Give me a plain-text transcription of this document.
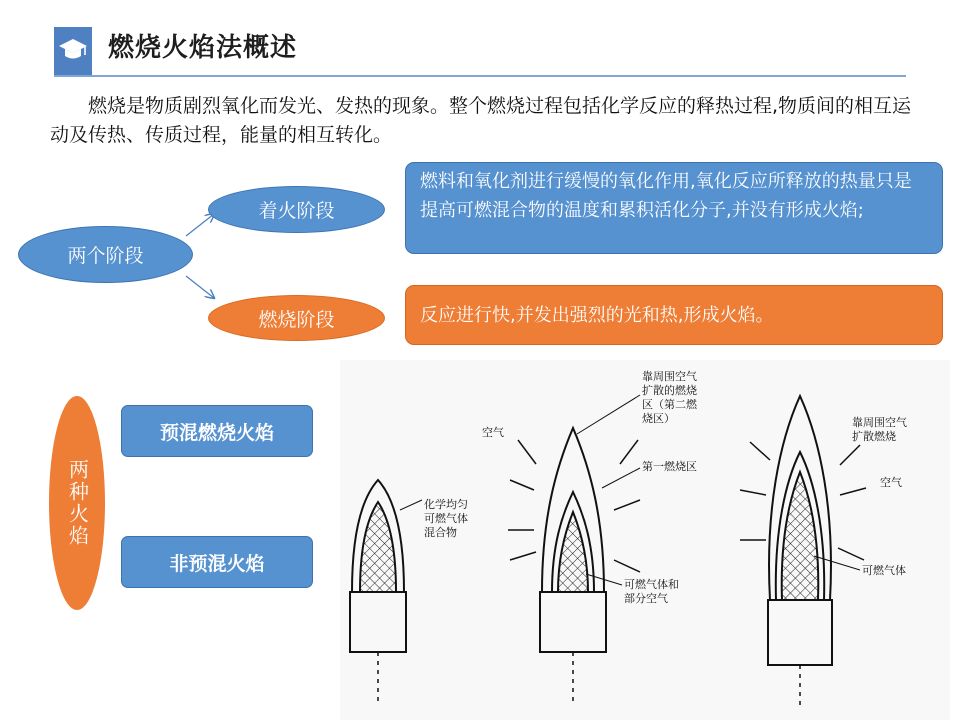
燃烧火焰法概述

燃烧是物质剧烈氧化而发光、发热的现象。整个燃烧过程包括化学反应的释热过程,物质间的相互运动及传热、传质过程，能量的相互转化。

两个阶段
着火阶段
燃烧阶段
燃料和氧化剂进行缓慢的氧化作用,氧化反应所释放的热量只是提高可燃混合物的温度和累积活化分子,并没有形成火焰;
反应进行快,并发出强烈的光和热,形成火焰。
两种火焰
预混燃烧火焰
非预混火焰
化学均匀
可燃气体
混合物
空气
靠周围空气
扩散的燃烧
区（第二燃
烧区）
第一燃烧区
可燃气体和
部分空气
靠周围空气
扩散燃烧
空气
可燃气体
